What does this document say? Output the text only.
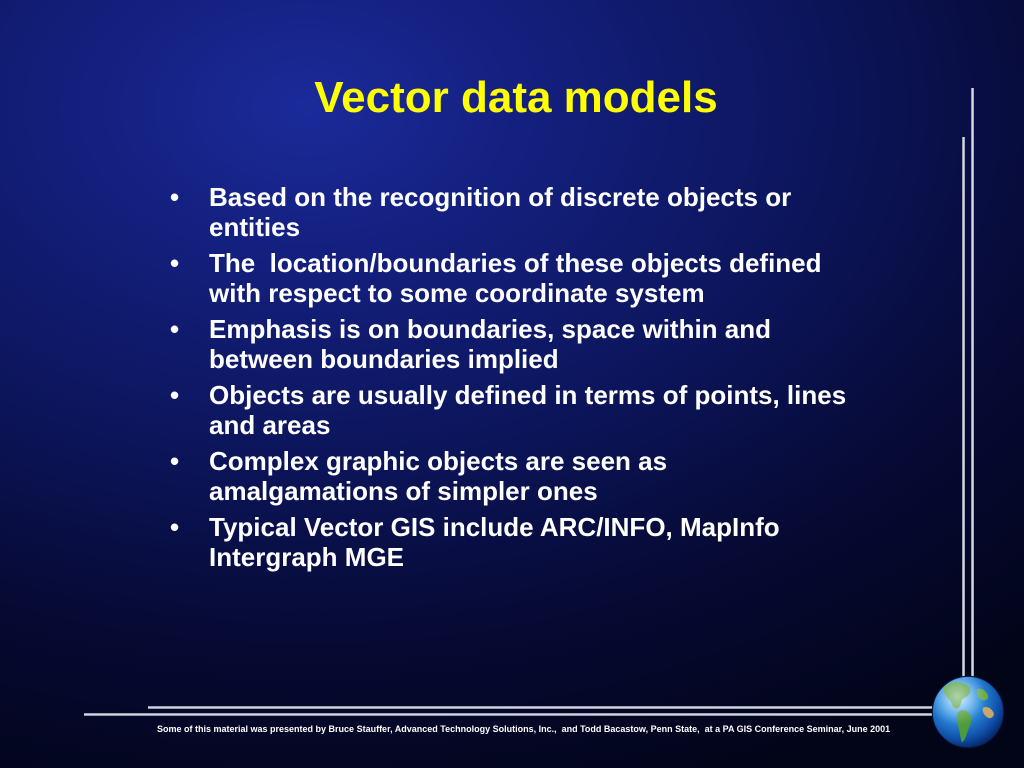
Vector data models
• Based on the recognition of discrete objects or entities
• The  location/boundaries of these objects defined with respect to some coordinate system
• Emphasis is on boundaries, space within and between boundaries implied
• Objects are usually defined in terms of points, lines and areas
• Complex graphic objects are seen as amalgamations of simpler ones
• Typical Vector GIS include ARC/INFO, MapInfo Intergraph MGE
Some of this material was presented by Bruce Stauffer, Advanced Technology Solutions, Inc.,  and Todd Bacastow, Penn State,  at a PA GIS Conference Seminar, June 2001
